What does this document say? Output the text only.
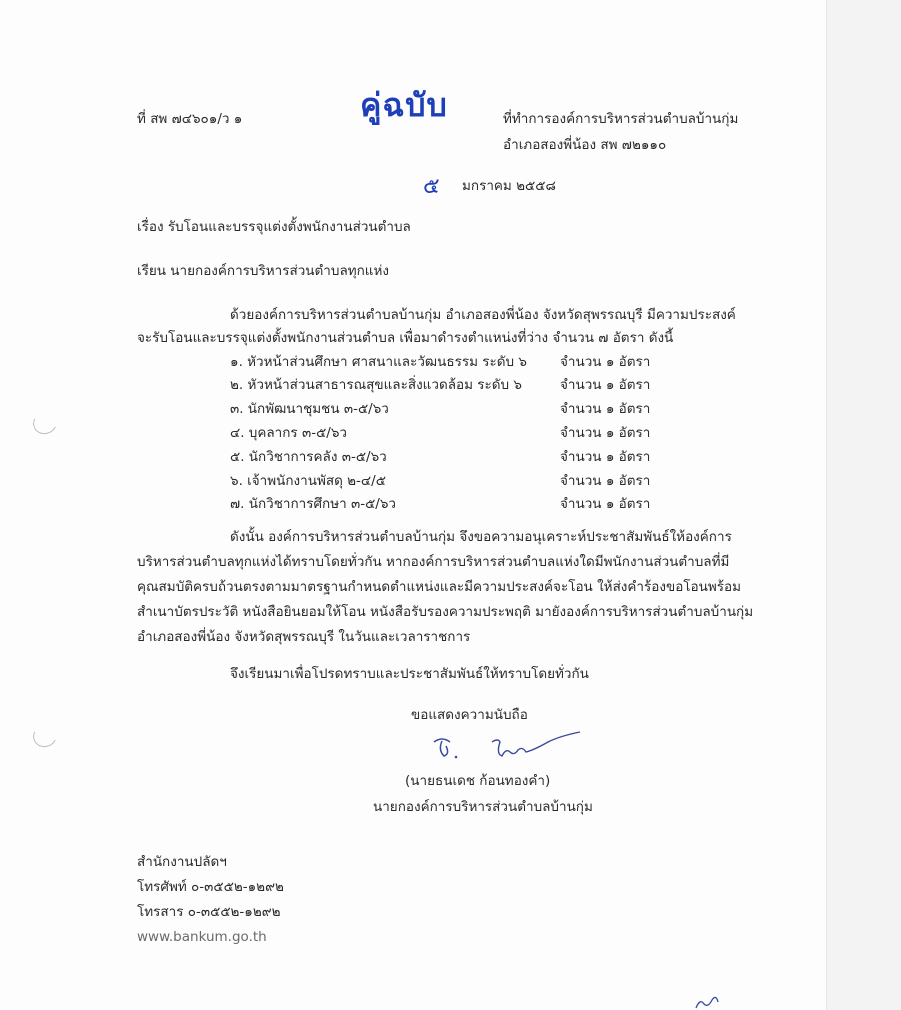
ที่ สพ ๗๔๖๐๑/ว ๑	คู่ฉบับ	ที่ทำการองค์การบริหารส่วนตำบลบ้านกุ่ม
อำเภอสองพี่น้อง สพ ๗๒๑๑๐
๕ มกราคม ๒๕๕๘
เรื่อง รับโอนและบรรจุแต่งตั้งพนักงานส่วนตำบล
เรียน นายกองค์การบริหารส่วนตำบลทุกแห่ง
ด้วยองค์การบริหารส่วนตำบลบ้านกุ่ม อำเภอสองพี่น้อง จังหวัดสุพรรณบุรี มีความประสงค์
จะรับโอนและบรรจุแต่งตั้งพนักงานส่วนตำบล เพื่อมาดำรงตำแหน่งที่ว่าง จำนวน ๗ อัตรา ดังนี้
๑. หัวหน้าส่วนศึกษา ศาสนาและวัฒนธรรม ระดับ ๖ จำนวน ๑ อัตรา
๒. หัวหน้าส่วนสาธารณสุขและสิ่งแวดล้อม ระดับ ๖	จำนวน ๑ อัตรา
๓. นักพัฒนาชุมชน ๓-๕/๖ว	จำนวน ๑ อัตรา
๔. บุคลากร ๓-๕/๖ว	จำนวน ๑ อัตรา
๕. นักวิชาการคลัง ๓-๕/๖ว	จำนวน ๑ อัตรา
๖. เจ้าพนักงานพัสดุ ๒-๔/๕	จำนวน ๑ อัตรา
๗. นักวิชาการศึกษา ๓-๕/๖ว	จำนวน ๑ อัตรา
ดังนั้น องค์การบริหารส่วนตำบลบ้านกุ่ม จึงขอความอนุเคราะห์ประชาสัมพันธ์ให้องค์การ
บริหารส่วนตำบลทุกแห่งได้ทราบโดยทั่วกัน หากองค์การบริหารส่วนตำบลแห่งใดมีพนักงานส่วนตำบลที่มี
คุณสมบัติครบถ้วนตรงตามมาตรฐานกำหนดตำแหน่งและมีความประสงค์จะโอน ให้ส่งคำร้องขอโอนพร้อม
สำเนาบัตรประวัติ หนังสือยินยอมให้โอน หนังสือรับรองความประพฤติ มายังองค์การบริหารส่วนตำบลบ้านกุ่ม
อำเภอสองพี่น้อง จังหวัดสุพรรณบุรี ในวันและเวลาราชการ
จึงเรียนมาเพื่อโปรดทราบและประชาสัมพันธ์ให้ทราบโดยทั่วกัน
ขอแสดงความนับถือ
(นายธนเดช ก้อนทองคำ)
นายกองค์การบริหารส่วนตำบลบ้านกุ่ม
สำนักงานปลัดฯ
โทรศัพท์ ๐-๓๕๕๒-๑๒๙๒
โทรสาร ๐-๓๕๕๒-๑๒๙๒
www.bankum.go.th
